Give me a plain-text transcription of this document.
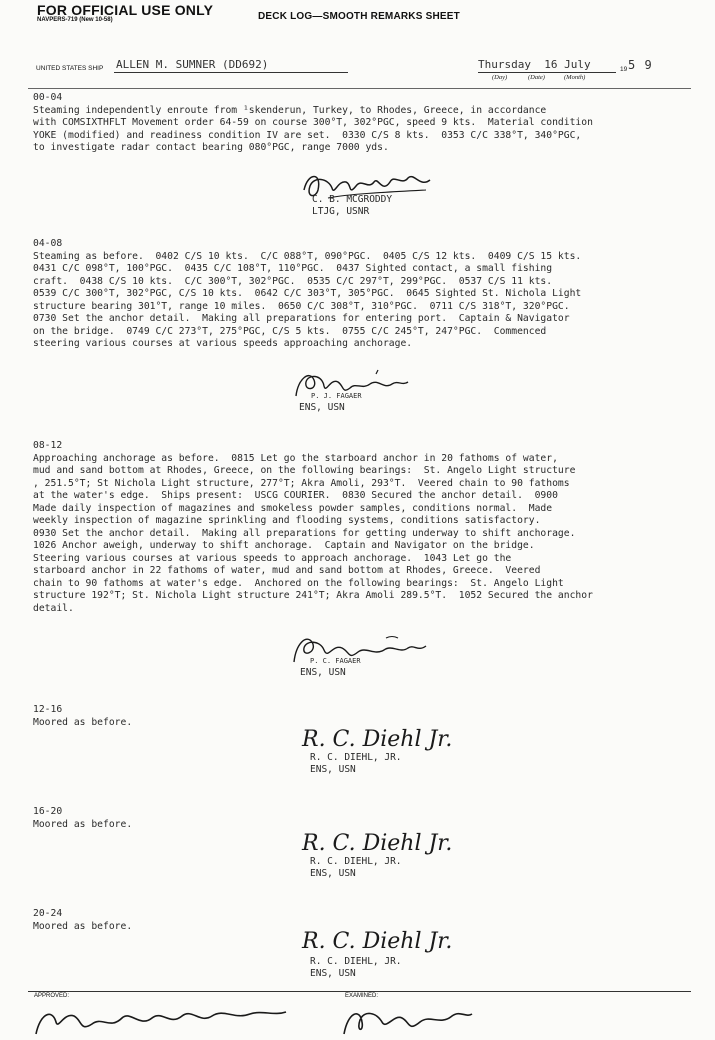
FOR OFFICIAL USE ONLY
NAVPERS-719 (New 10-58)	DECK LOG—SMOOTH REMARKS SHEET
UNITED STATES SHIP ALLEN M. SUMNER (DD692)	Thursday  16 July
(Day)	(Date)	(Month)
19 5 9
00-04
Steaming independently enroute from ¹skenderun, Turkey, to Rhodes, Greece, in accordance
with COMSIXTHFLT Movement order 64-59 on course 300°T, 302°PGC, speed 9 kts.  Material condition
YOKE (modified) and readiness condition IV are set.  0330 C/S 8 kts.  0353 C/C 338°T, 340°PGC,
to investigate radar contact bearing 080°PGC, range 7000 yds.
C. B. MCGRODDY
LTJG, USNR
04-08
Steaming as before.  0402 C/S 10 kts.  C/C 088°T, 090°PGC.  0405 C/S 12 kts.  0409 C/S 15 kts.
0431 C/C 098°T, 100°PGC.  0435 C/C 108°T, 110°PGC.  0437 Sighted contact, a small fishing
craft.  0438 C/S 10 kts.  C/C 300°T, 302°PGC.  0535 C/C 297°T, 299°PGC.  0537 C/S 11 kts.
0539 C/C 300°T, 302°PGC, C/S 10 kts.  0642 C/C 303°T, 305°PGC.  0645 Sighted St. Nichola Light
structure bearing 301°T, range 10 miles.  0650 C/C 308°T, 310°PGC.  0711 C/S 318°T, 320°PGC.
0730 Set the anchor detail.  Making all preparations for entering port.  Captain & Navigator
on the bridge.  0749 C/C 273°T, 275°PGC, C/S 5 kts.  0755 C/C 245°T, 247°PGC.  Commenced
steering various courses at various speeds approaching anchorage.
P. J. FAGAER
ENS, USN
08-12
Approaching anchorage as before.  0815 Let go the starboard anchor in 20 fathoms of water,
mud and sand bottom at Rhodes, Greece, on the following bearings:  St. Angelo Light structure
, 251.5°T; St Nichola Light structure, 277°T; Akra Amoli, 293°T.  Veered chain to 90 fathoms
at the water's edge.  Ships present:  USCG COURIER.  0830 Secured the anchor detail.  0900
Made daily inspection of magazines and smokeless powder samples, conditions normal.  Made
weekly inspection of magazine sprinkling and flooding systems, conditions satisfactory.
0930 Set the anchor detail.  Making all preparations for getting underway to shift anchorage.
1026 Anchor aweigh, underway to shift anchorage.  Captain and Navigator on the bridge.
Steering various courses at various speeds to approach anchorage.  1043 Let go the
starboard anchor in 22 fathoms of water, mud and sand bottom at Rhodes, Greece.  Veered
chain to 90 fathoms at water's edge.  Anchored on the following bearings:  St. Angelo Light
structure 192°T; St. Nichola Light structure 241°T; Akra Amoli 289.5°T.  1052 Secured the anchor
detail.
P. C. FAGAER
ENS, USN
12-16
Moored as before.
R. C. Diehl Jr.
R. C. DIEHL, JR.
ENS, USN
16-20
Moored as before.
R. C. Diehl Jr.
R. C. DIEHL, JR.
ENS, USN
20-24
Moored as before.
R. C. Diehl Jr.
R. C. DIEHL, JR.
ENS, USN
APPROVED:	EXAMINED:
